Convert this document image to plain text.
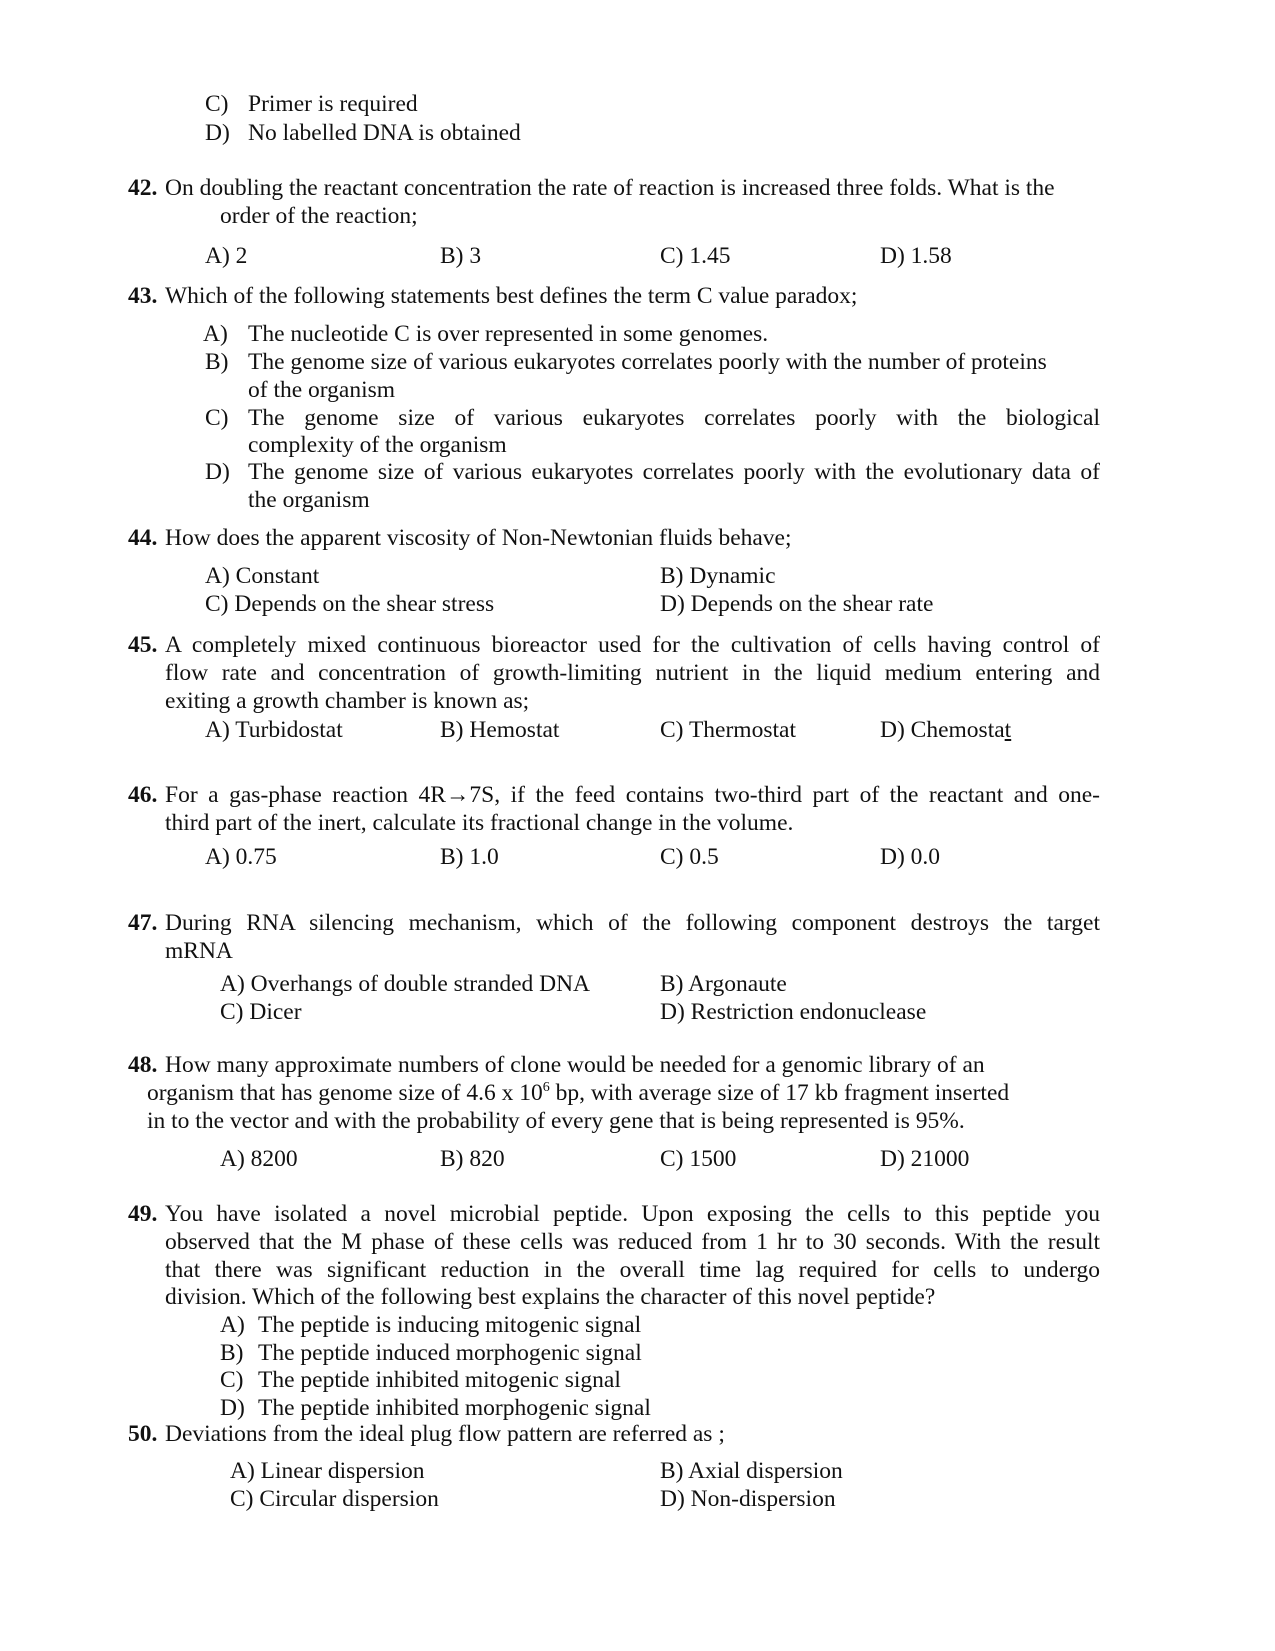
C) Primer is required
D) No labelled DNA is obtained
42. On doubling the reactant concentration the rate of reaction is increased three folds. What is the
order of the reaction;
A) 2	B) 3	C) 1.45	D) 1.58
43. Which of the following statements best defines the term C value paradox;
A) The nucleotide C is over represented in some genomes.
B) The genome size of various eukaryotes correlates poorly with the number of proteins
of the organism
C) The genome size of various eukaryotes correlates poorly with the biological
complexity of the organism
D) The genome size of various eukaryotes correlates poorly with the evolutionary data of
the organism
44. How does the apparent viscosity of Non-Newtonian fluids behave;
A) Constant	B) Dynamic
C) Depends on the shear stress	D) Depends on the shear rate
45. A completely mixed continuous bioreactor used for the cultivation of cells having control of
flow rate and concentration of growth-limiting nutrient in the liquid medium entering and
exiting a growth chamber is known as;
A) Turbidostat	B) Hemostat	C) Thermostat	D) Chemostat
46. For a gas-phase reaction 4R→7S, if the feed contains two-third part of the reactant and one-
third part of the inert, calculate its fractional change in the volume.
A) 0.75	B) 1.0	C) 0.5	D) 0.0
47. During RNA silencing mechanism, which of the following component destroys the target
mRNA
A) Overhangs of double stranded DNA	B) Argonaute
C) Dicer	D) Restriction endonuclease
48. How many approximate numbers of clone would be needed for a genomic library of an
organism that has genome size of 4.6 x $10^6$ bp, with average size of 17 kb fragment inserted
in to the vector and with the probability of every gene that is being represented is 95%.
A) 8200	B) 820	C) 1500	D) 21000
49. You have isolated a novel microbial peptide. Upon exposing the cells to this peptide you
observed that the M phase of these cells was reduced from 1 hr to 30 seconds. With the result
that there was significant reduction in the overall time lag required for cells to undergo
division. Which of the following best explains the character of this novel peptide?
A) The peptide is inducing mitogenic signal
B) The peptide induced morphogenic signal
C) The peptide inhibited mitogenic signal
D) The peptide inhibited morphogenic signal
50. Deviations from the ideal plug flow pattern are referred as ;
A) Linear dispersion	B) Axial dispersion
C) Circular dispersion	D) Non-dispersion
